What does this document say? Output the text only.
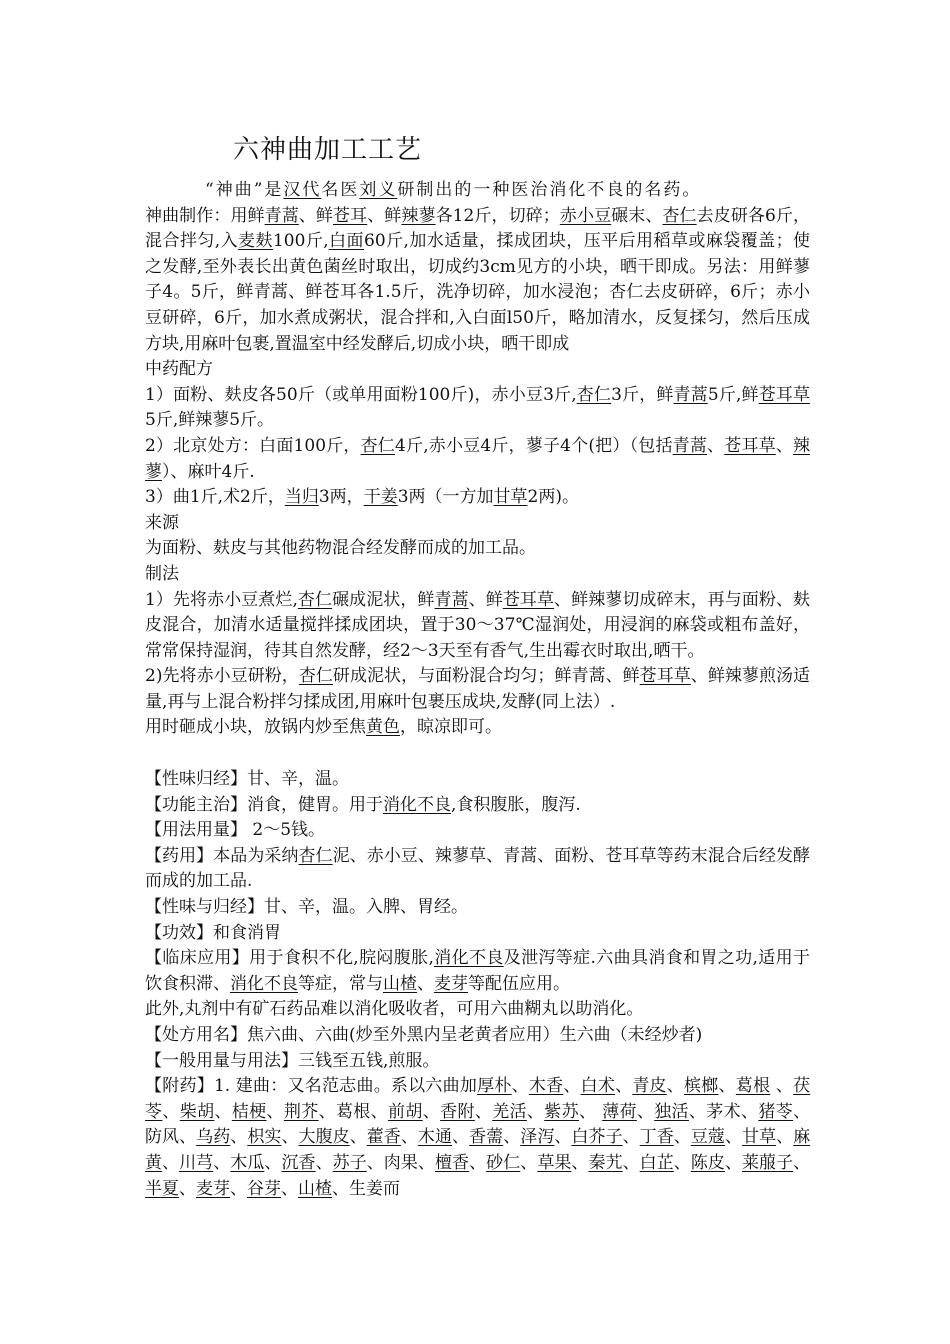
六神曲加工工艺

“神曲”是汉代名医刘义研制出的一种医治消化不良的名药。

神曲制作：用鲜青蒿、鲜苍耳、鲜辣蓼各12斤，切碎；赤小豆碾末、杏仁去皮研各6斤，混合拌匀,入麦麸100斤,白面60斤,加水适量，揉成团块，压平后用稻草或麻袋覆盖；使之发酵,至外表长出黄色菌丝时取出，切成约3cm见方的小块，晒干即成。另法：用鲜蓼子4。5斤，鲜青蒿、鲜苍耳各1.5斤，洗净切碎，加水浸泡；杏仁去皮研碎，6斤；赤小豆研碎，6斤，加水煮成粥状，混合拌和,入白面l50斤，略加清水，反复揉匀，然后压成方块,用麻叶包裹,置温室中经发酵后,切成小块，晒干即成

中药配方

1）面粉、麸皮各50斤（或单用面粉100斤)，赤小豆3斤,杏仁3斤，鲜青蒿5斤,鲜苍耳草5斤,鲜辣蓼5斤。

2）北京处方：白面100斤，杏仁4斤,赤小豆4斤，蓼子4个(把）（包括青蒿、苍耳草、辣蓼）、麻叶4斤.

3）曲1斤,术2斤，当归3两，干姜3两（一方加甘草2两)。

来源

为面粉、麸皮与其他药物混合经发酵而成的加工品。

制法

1）先将赤小豆煮烂,杏仁碾成泥状，鲜青蒿、鲜苍耳草、鲜辣蓼切成碎末，再与面粉、麸皮混合，加清水适量搅拌揉成团块，置于30～37℃湿润处，用浸润的麻袋或粗布盖好，常常保持湿润，待其自然发酵，经2～3天至有香气,生出霉衣时取出,晒干。

2)先将赤小豆研粉，杏仁研成泥状，与面粉混合均匀；鲜青蒿、鲜苍耳草、鲜辣蓼煎汤适量,再与上混合粉拌匀揉成团,用麻叶包裹压成块,发酵(同上法）.

用时砸成小块，放锅内炒至焦黄色，晾凉即可。

【性味归经】甘、辛，温。

【功能主治】消食，健胃。用于消化不良,食积腹胀，腹泻.

【用法用量】 2～5钱。

【药用】本品为采纳杏仁泥、赤小豆、辣蓼草、青蒿、面粉、苍耳草等药末混合后经发酵而成的加工品.

【性味与归经】甘、辛，温。入脾、胃经。

【功效】和食消胃

【临床应用】用于食积不化,脘闷腹胀,消化不良及泄泻等症.六曲具消食和胃之功,适用于饮食积滞、消化不良等症，常与山楂、麦芽等配伍应用。

此外,丸剂中有矿石药品难以消化吸收者，可用六曲糊丸以助消化。

【处方用名】焦六曲、六曲(炒至外黑内呈老黄者应用）生六曲（未经炒者)

【一般用量与用法】三钱至五钱,煎服。

【附药】1. 建曲：又名范志曲。系以六曲加厚朴、木香、白术、青皮、槟榔、葛根 、茯苓、柴胡、桔梗、荆芥、葛根、前胡、香附、羌活、紫苏、 薄荷、独活、茅术、猪苓、防风、乌药、枳实、大腹皮、藿香、木通、香薷、泽泻、白芥子、丁香、豆蔻、甘草、麻黄、川芎、木瓜、沉香、苏子、肉果、檀香、砂仁、草果、秦艽、白芷、陈皮、莱菔子、半夏、麦芽、谷芽、山楂、生姜而
